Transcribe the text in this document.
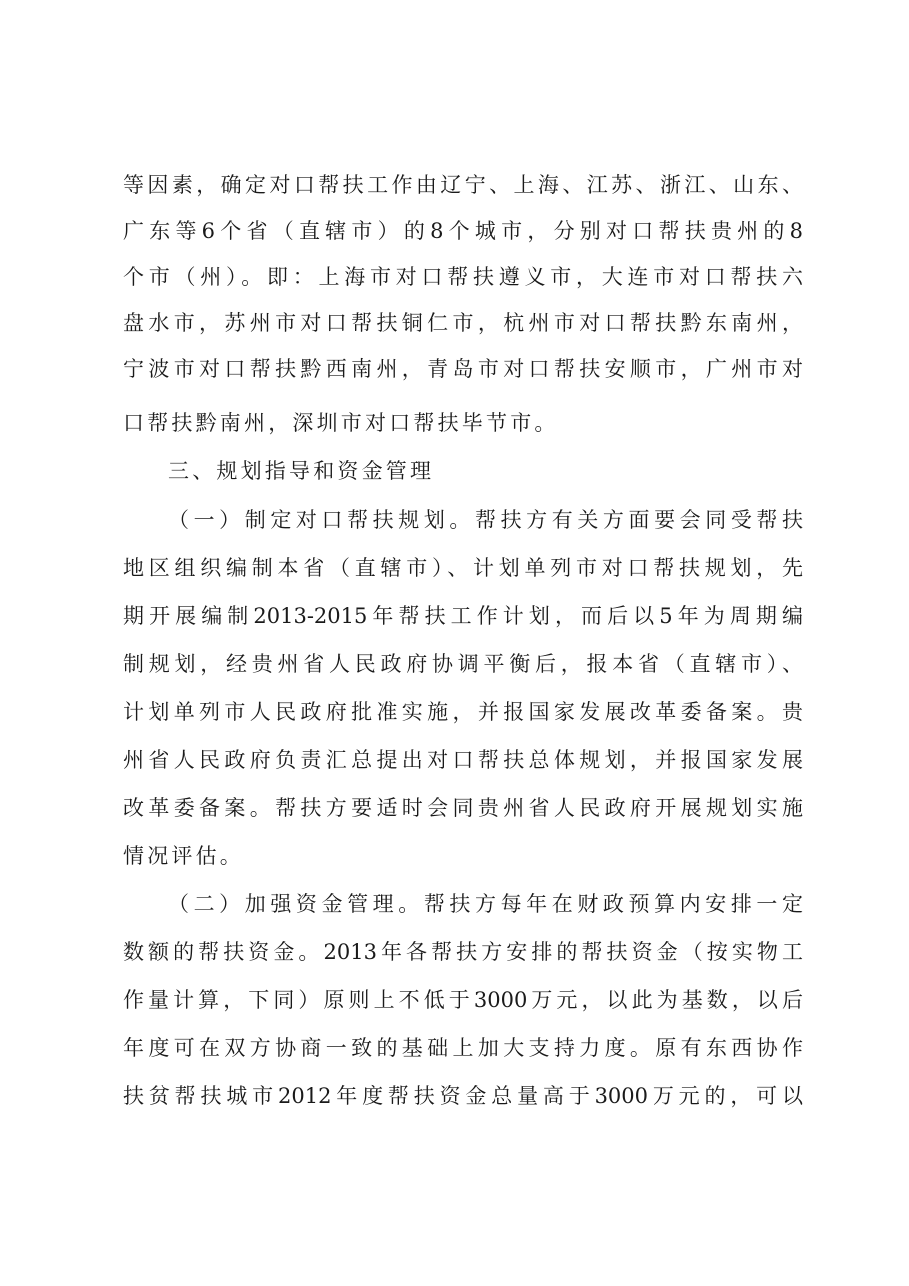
等因素，确定对口帮扶工作由辽宁、上海、江苏、浙江、山东、
广东等6个省（直辖市）的8个城市，分别对口帮扶贵州的8
个市（州）。即：上海市对口帮扶遵义市，大连市对口帮扶六
盘水市，苏州市对口帮扶铜仁市，杭州市对口帮扶黔东南州，
宁波市对口帮扶黔西南州，青岛市对口帮扶安顺市，广州市对
口帮扶黔南州，深圳市对口帮扶毕节市。
三、规划指导和资金管理
（一）制定对口帮扶规划。帮扶方有关方面要会同受帮扶
地区组织编制本省（直辖市）、计划单列市对口帮扶规划，先
期开展编制2013-2015年帮扶工作计划，而后以5年为周期编
制规划，经贵州省人民政府协调平衡后，报本省（直辖市）、
计划单列市人民政府批准实施，并报国家发展改革委备案。贵
州省人民政府负责汇总提出对口帮扶总体规划，并报国家发展
改革委备案。帮扶方要适时会同贵州省人民政府开展规划实施
情况评估。
（二）加强资金管理。帮扶方每年在财政预算内安排一定
数额的帮扶资金。2013年各帮扶方安排的帮扶资金（按实物工
作量计算，下同）原则上不低于3000万元，以此为基数，以后
年度可在双方协商一致的基础上加大支持力度。原有东西协作
扶贫帮扶城市2012年度帮扶资金总量高于3000万元的，可以
